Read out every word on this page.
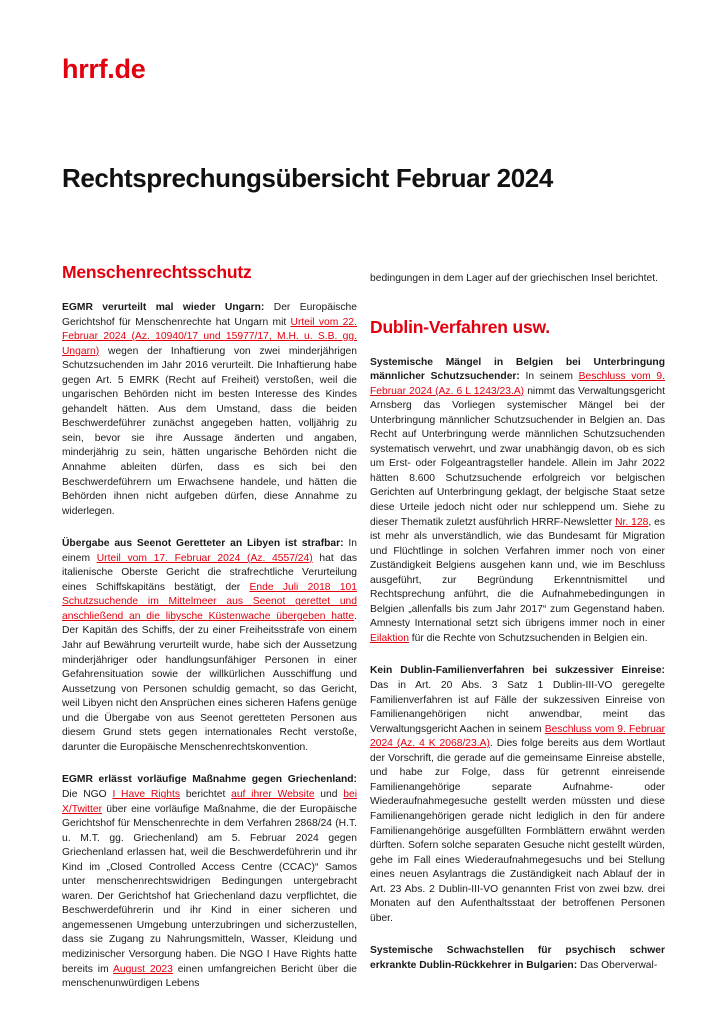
hrrf.de
Rechtsprechungsübersicht Februar 2024
Menschenrechtsschutz

EGMR verurteilt mal wieder Ungarn: Der Europäische Gerichtshof für Menschenrechte hat Ungarn mit Urteil vom 22. Februar 2024 (Az. 10940/17 und 15977/17, M.H. u. S.B. gg. Ungarn) wegen der Inhaftierung von zwei minderjährigen Schutzsuchenden im Jahr 2016 verurteilt. Die Inhaftierung habe gegen Art. 5 EMRK (Recht auf Freiheit) verstoßen, weil die ungarischen Behörden nicht im besten Interesse des Kindes gehandelt hätten. Aus dem Umstand, dass die beiden Beschwerdeführer zunächst angegeben hatten, volljährig zu sein, bevor sie ihre Aussage änderten und angaben, minderjährig zu sein, hätten ungarische Behörden nicht die Annahme ableiten dürfen, dass es sich bei den Beschwerdeführern um Erwachsene handele, und hätten die Behörden ihnen nicht aufgeben dürfen, diese Annahme zu widerlegen.

Übergabe aus Seenot Geretteter an Libyen ist strafbar: In einem Urteil vom 17. Februar 2024 (Az. 4557/24) hat das italienische Oberste Gericht die strafrechtliche Verurteilung eines Schiffskapitäns bestätigt, der Ende Juli 2018 101 Schutzsuchende im Mittelmeer aus Seenot gerettet und anschließend an die libysche Küstenwache übergeben hatte. Der Kapitän des Schiffs, der zu einer Freiheitsstrafe von einem Jahr auf Bewährung verurteilt wurde, habe sich der Aussetzung minderjähriger oder handlungsunfähiger Personen in einer Gefahrensituation sowie der willkürlichen Ausschiffung und Aussetzung von Personen schuldig gemacht, so das Gericht, weil Libyen nicht den Ansprüchen eines sicheren Hafens genüge und die Übergabe von aus Seenot geretteten Personen aus diesem Grund stets gegen internationales Recht verstoße, darunter die Europäische Menschenrechtskonvention.

EGMR erlässt vorläufige Maßnahme gegen Griechenland: Die NGO I Have Rights berichtet auf ihrer Website und bei X/Twitter über eine vorläufige Maßnahme, die der Europäische Gerichtshof für Menschenrechte in dem Verfahren 2868/24 (H.T. u. M.T. gg. Griechenland) am 5. Februar 2024 gegen Griechenland erlassen hat, weil die Beschwerdeführerin und ihr Kind im „Closed Controlled Access Centre (CCAC)“ Samos unter menschenrechtswidrigen Bedingungen untergebracht waren. Der Gerichtshof hat Griechenland dazu verpflichtet, die Beschwerdeführerin und ihr Kind in einer sicheren und angemessenen Umgebung unterzubringen und sicherzustellen, dass sie Zugang zu Nahrungsmitteln, Wasser, Kleidung und medizinischer Versorgung haben. Die NGO I Have Rights hatte bereits im August 2023 einen umfangreichen Bericht über die menschenunwürdigen Lebens

bedingungen in dem Lager auf der griechischen Insel berichtet.

Dublin-Verfahren usw.

Systemische Mängel in Belgien bei Unterbringung männlicher Schutzsuchender: In seinem Beschluss vom 9. Februar 2024 (Az. 6 L 1243/23.A) nimmt das Verwaltungsgericht Arnsberg das Vorliegen systemischer Mängel bei der Unterbringung männlicher Schutzsuchender in Belgien an. Das Recht auf Unterbringung werde männlichen Schutzsuchenden systematisch verwehrt, und zwar unabhängig davon, ob es sich um Erst- oder Folgeantragsteller handele. Allein im Jahr 2022 hätten 8.600 Schutzsuchende erfolgreich vor belgischen Gerichten auf Unterbringung geklagt, der belgische Staat setze diese Urteile jedoch nicht oder nur schleppend um. Siehe zu dieser Thematik zuletzt ausführlich HRRF-Newsletter Nr. 128, es ist mehr als unverständlich, wie das Bundesamt für Migration und Flüchtlinge in solchen Verfahren immer noch von einer Zuständigkeit Belgiens ausgehen kann und, wie im Beschluss ausgeführt, zur Begründung Erkenntnismittel und Rechtsprechung anführt, die die Aufnahmebedingungen in Belgien „allenfalls bis zum Jahr 2017“ zum Gegenstand haben. Amnesty International setzt sich übrigens immer noch in einer Eilaktion für die Rechte von Schutzsuchenden in Belgien ein.

Kein Dublin-Familienverfahren bei sukzessiver Einreise: Das in Art. 20 Abs. 3 Satz 1 Dublin-III-VO geregelte Familienverfahren ist auf Fälle der sukzessiven Einreise von Familienangehörigen nicht anwendbar, meint das Verwaltungsgericht Aachen in seinem Beschluss vom 9. Februar 2024 (Az. 4 K 2068/23.A). Dies folge bereits aus dem Wortlaut der Vorschrift, die gerade auf die gemeinsame Einreise abstelle, und habe zur Folge, dass für getrennt einreisende Familienangehörige separate Aufnahme- oder Wiederaufnahmegesuche gestellt werden müssten und diese Familienangehörigen gerade nicht lediglich in den für andere Familienangehörige ausgefüllten Formblättern erwähnt werden dürften. Sofern solche separaten Gesuche nicht gestellt würden, gehe im Fall eines Wiederaufnahmegesuchs und bei Stellung eines neuen Asylantrags die Zuständigkeit nach Ablauf der in Art. 23 Abs. 2 Dublin-III-VO genannten Frist von zwei bzw. drei Monaten auf den Aufenthaltsstaat der betroffenen Personen über.

Systemische Schwachstellen für psychisch schwer erkrankte Dublin-Rückkehrer in Bulgarien: Das Oberverwal-
